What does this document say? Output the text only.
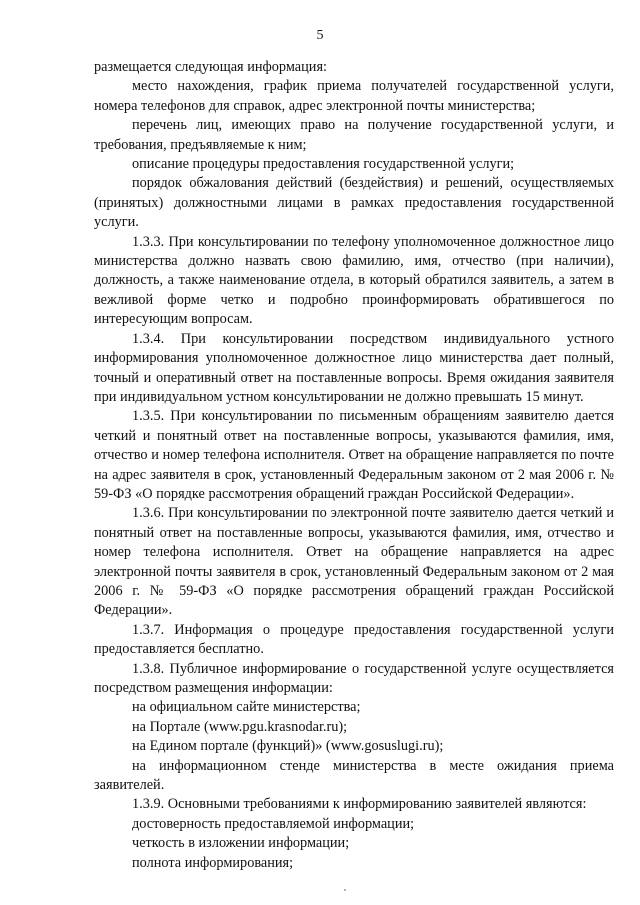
5

размещается следующая информация:

место нахождения, график приема получателей государственной услуги, номера телефонов для справок, адрес электронной почты министерства;

перечень лиц, имеющих право на получение государственной услуги, и требования, предъявляемые к ним;

описание процедуры предоставления государственной услуги;

порядок обжалования действий (бездействия) и решений, осуществляемых (принятых) должностными лицами в рамках предоставления государственной услуги.

1.3.3. При консультировании по телефону уполномоченное должностное лицо министерства должно назвать свою фамилию, имя, отчество (при наличии), должность, а также наименование отдела, в который обратился заявитель, а затем в вежливой форме четко и подробно проинформировать обратившегося по интересующим вопросам.

1.3.4. При консультировании посредством индивидуального устного информирования уполномоченное должностное лицо министерства дает полный, точный и оперативный ответ на поставленные вопросы. Время ожидания заявителя при индивидуальном устном консультировании не должно превышать 15 минут.

1.3.5. При консультировании по письменным обращениям заявителю дается четкий и понятный ответ на поставленные вопросы, указываются фамилия, имя, отчество и номер телефона исполнителя. Ответ на обращение направляется по почте на адрес заявителя в срок, установленный Федеральным законом от 2 мая 2006 г. № 59-ФЗ «О порядке рассмотрения обращений граждан Российской Федерации».

1.3.6. При консультировании по электронной почте заявителю дается четкий и понятный ответ на поставленные вопросы, указываются фамилия, имя, отчество и номер телефона исполнителя. Ответ на обращение направляется на адрес электронной почты заявителя в срок, установленный Федеральным законом от 2 мая 2006 г. № 59-ФЗ «О порядке рассмотрения обращений граждан Российской Федерации».

1.3.7. Информация о процедуре предоставления государственной услуги предоставляется бесплатно.

1.3.8. Публичное информирование о государственной услуге осуществляется посредством размещения информации:

на официальном сайте министерства;

на Портале (www.pgu.krasnodar.ru);

на Едином портале (функций)» (www.gosuslugi.ru);

на информационном стенде министерства в месте ожидания приема заявителей.

1.3.9. Основными требованиями к информированию заявителей являются:

достоверность предоставляемой информации;

четкость в изложении информации;

полнота информирования;
